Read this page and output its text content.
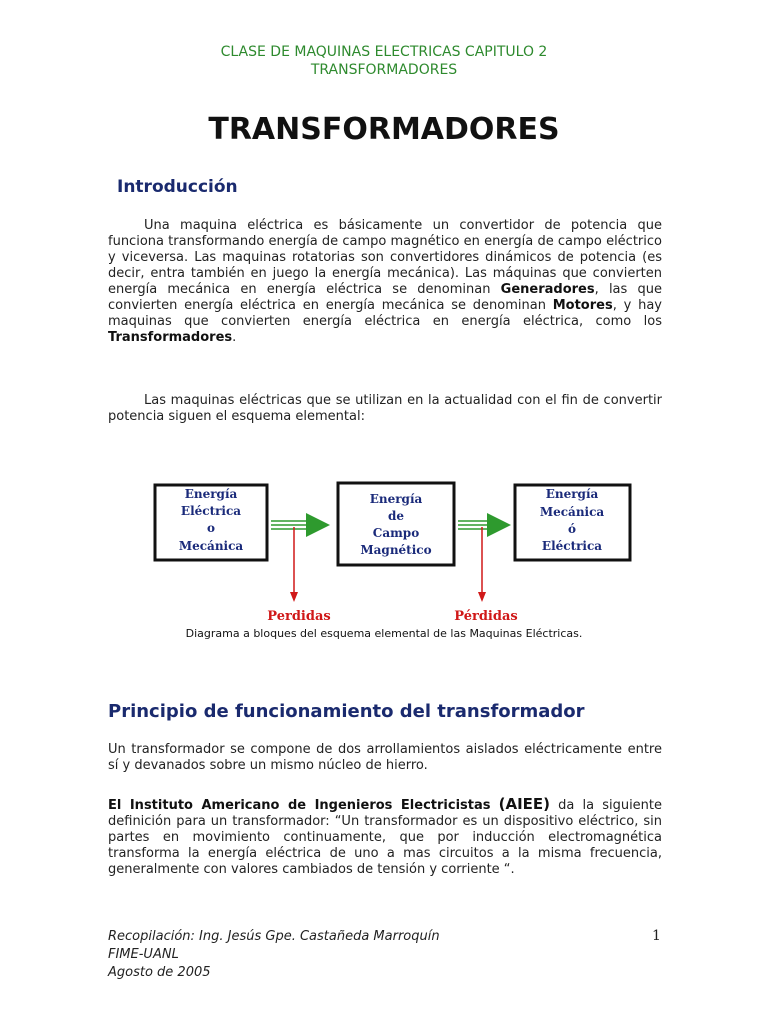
CLASE DE MAQUINAS ELECTRICAS CAPITULO 2
TRANSFORMADORES
TRANSFORMADORES
Introducción
Una maquina eléctrica es básicamente un convertidor de potencia que funciona transformando energía de campo magnético en energía de campo eléctrico y viceversa. Las maquinas rotatorias son convertidores dinámicos de potencia (es decir, entra también en juego la energía mecánica). Las máquinas que convierten energía mecánica en energía eléctrica se denominan Generadores, las que convierten energía eléctrica en energía mecánica se denominan Motores, y hay maquinas que convierten energía eléctrica en energía eléctrica, como los Transformadores.
Las maquinas eléctricas que se utilizan en la actualidad con el fin de convertir potencia siguen el esquema elemental:
Energía
Eléctrica
o
Mecánica
Energía
de
Campo
Magnético
Energía
Mecánica
ó
Eléctrica
Perdidas	Pérdidas
Diagrama a bloques del esquema elemental de las Maquinas Eléctricas.
Principio de funcionamiento del transformador
Un transformador se compone de dos arrollamientos aislados eléctricamente entre sí y devanados sobre un mismo núcleo de hierro.
El Instituto Americano de Ingenieros Electricistas (AIEE) da la siguiente definición para un transformador: “Un transformador es un dispositivo eléctrico, sin partes en movimiento continuamente, que por inducción electromagnética transforma la energía eléctrica de uno a mas circuitos a la misma frecuencia, generalmente con valores cambiados de tensión y corriente “.
Recopilación: Ing. Jesús Gpe. Castañeda Marroquín
FIME-UANL
Agosto de 2005
1
